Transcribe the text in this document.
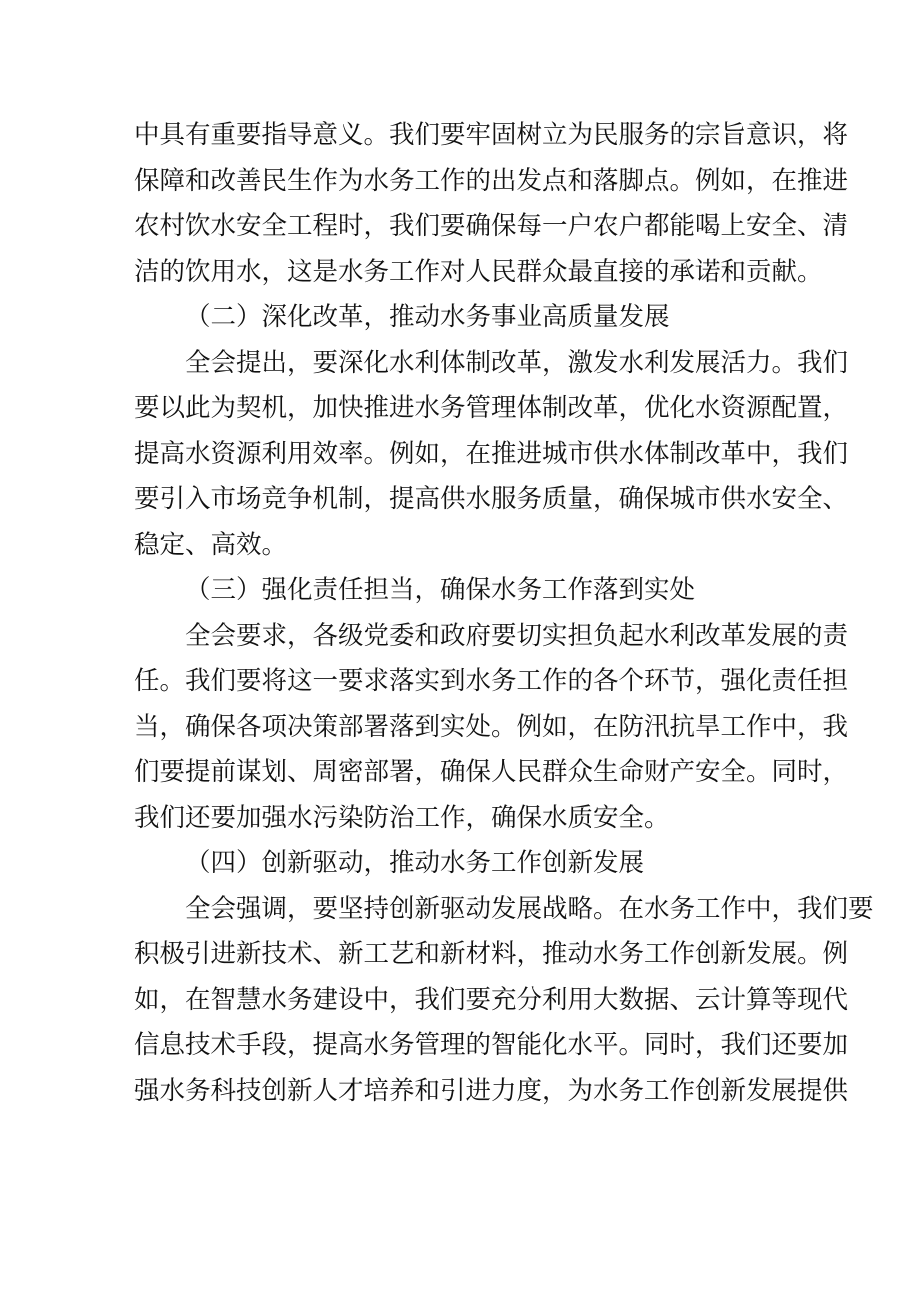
中具有重要指导意义。我们要牢固树立为民服务的宗旨意识，将
保障和改善民生作为水务工作的出发点和落脚点。例如，在推进
农村饮水安全工程时，我们要确保每一户农户都能喝上安全、清
洁的饮用水，这是水务工作对人民群众最直接的承诺和贡献。
（二）深化改革，推动水务事业高质量发展
全会提出，要深化水利体制改革，激发水利发展活力。我们
要以此为契机，加快推进水务管理体制改革，优化水资源配置，
提高水资源利用效率。例如，在推进城市供水体制改革中，我们
要引入市场竞争机制，提高供水服务质量，确保城市供水安全、
稳定、高效。
（三）强化责任担当，确保水务工作落到实处
全会要求，各级党委和政府要切实担负起水利改革发展的责
任。我们要将这一要求落实到水务工作的各个环节，强化责任担
当，确保各项决策部署落到实处。例如，在防汛抗旱工作中，我
们要提前谋划、周密部署，确保人民群众生命财产安全。同时，
我们还要加强水污染防治工作，确保水质安全。
（四）创新驱动，推动水务工作创新发展
全会强调，要坚持创新驱动发展战略。在水务工作中，我们要
积极引进新技术、新工艺和新材料，推动水务工作创新发展。例
如，在智慧水务建设中，我们要充分利用大数据、云计算等现代
信息技术手段，提高水务管理的智能化水平。同时，我们还要加
强水务科技创新人才培养和引进力度，为水务工作创新发展提供
